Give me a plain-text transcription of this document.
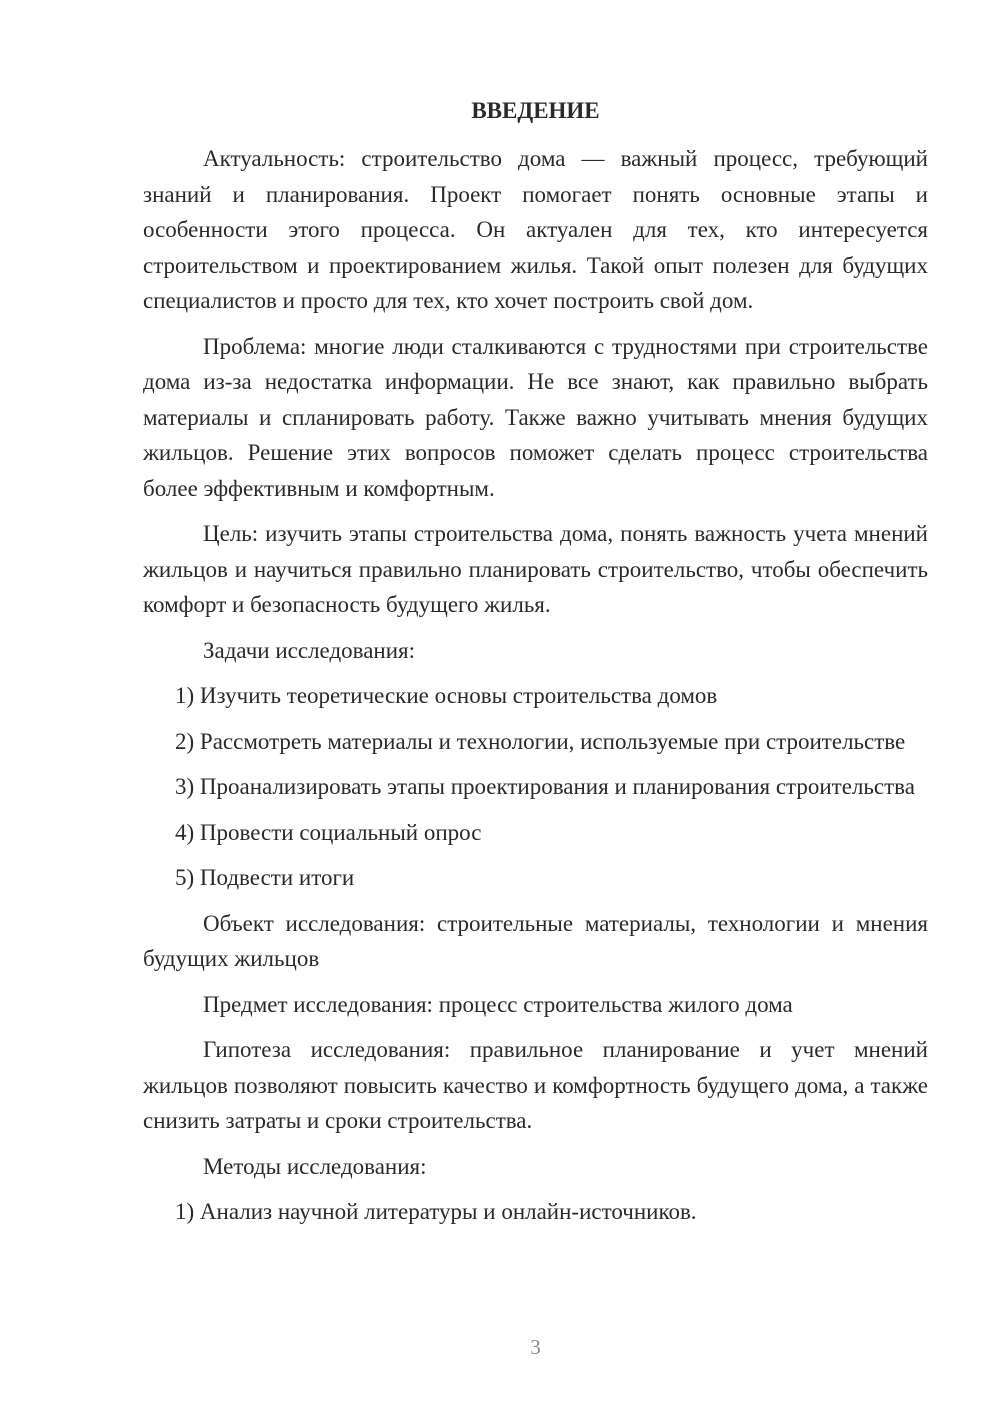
ВВЕДЕНИЕ

Актуальность: строительство дома — важный процесс, требующий знаний и планирования. Проект помогает понять основные этапы и особенности этого процесса. Он актуален для тех, кто интересуется строительством и проектированием жилья. Такой опыт полезен для будущих специалистов и просто для тех, кто хочет построить свой дом.

Проблема: многие люди сталкиваются с трудностями при строительстве дома из-за недостатка информации. Не все знают, как правильно выбрать материалы и спланировать работу. Также важно учитывать мнения будущих жильцов. Решение этих вопросов поможет сделать процесс строительства более эффективным и комфортным.

Цель: изучить этапы строительства дома, понять важность учета мнений жильцов и научиться правильно планировать строительство, чтобы обеспечить комфорт и безопасность будущего жилья.

Задачи исследования:

1) Изучить теоретические основы строительства домов

2) Рассмотреть материалы и технологии, используемые при строительстве

3) Проанализировать этапы проектирования и планирования строительства

4) Провести социальный опрос

5) Подвести итоги

Объект исследования: строительные материалы, технологии и мнения будущих жильцов

Предмет исследования: процесс строительства жилого дома

Гипотеза исследования: правильное планирование и учет мнений жильцов позволяют повысить качество и комфортность будущего дома, а также снизить затраты и сроки строительства.

Методы исследования:

1) Анализ научной литературы и онлайн-источников.

3
